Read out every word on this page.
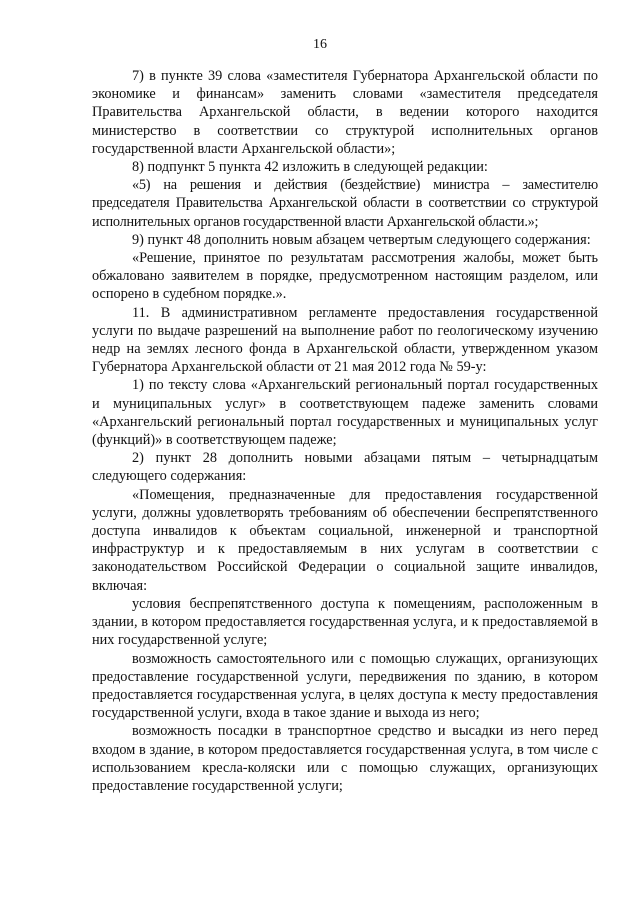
16

7) в пункте 39 слова «заместителя Губернатора Архангельской области по экономике и финансам» заменить словами «заместителя председателя Правительства Архангельской области, в ведении которого находится министерство в соответствии со структурой исполнительных органов государственной власти Архангельской области»;

8) подпункт 5 пункта 42 изложить в следующей редакции:

«5) на решения и действия (бездействие) министра – заместителю председателя Правительства Архангельской области в соответствии со структурой исполнительных органов государственной власти Архангельской области.»;

9) пункт 48 дополнить новым абзацем четвертым следующего содержания:

«Решение, принятое по результатам рассмотрения жалобы, может быть обжаловано заявителем в порядке, предусмотренном настоящим разделом, или оспорено в судебном порядке.».

11. В административном регламенте предоставления государственной услуги по выдаче разрешений на выполнение работ по геологическому изучению недр на землях лесного фонда в Архангельской области, утвержденном указом Губернатора Архангельской области от 21 мая 2012 года № 59-у:

1) по тексту слова «Архангельский региональный портал государственных и муниципальных услуг» в соответствующем падеже заменить словами «Архангельский региональный портал государственных и муниципальных услуг (функций)» в соответствующем падеже;

2) пункт 28 дополнить новыми абзацами пятым – четырнадцатым следующего содержания:

«Помещения, предназначенные для предоставления государственной услуги, должны удовлетворять требованиям об обеспечении беспрепятственного доступа инвалидов к объектам социальной, инженерной и транспортной инфраструктур и к предоставляемым в них услугам в соответствии с законодательством Российской Федерации о социальной защите инвалидов, включая:

условия беспрепятственного доступа к помещениям, расположенным в здании, в котором предоставляется государственная услуга, и к предоставляемой в них государственной услуге;

возможность самостоятельного или с помощью служащих, организующих предоставление государственной услуги, передвижения по зданию, в котором предоставляется государственная услуга, в целях доступа к месту предоставления государственной услуги, входа в такое здание и выхода из него;

возможность посадки в транспортное средство и высадки из него перед входом в здание, в котором предоставляется государственная услуга, в том числе с использованием кресла-коляски или с помощью служащих, организующих предоставление государственной услуги;
